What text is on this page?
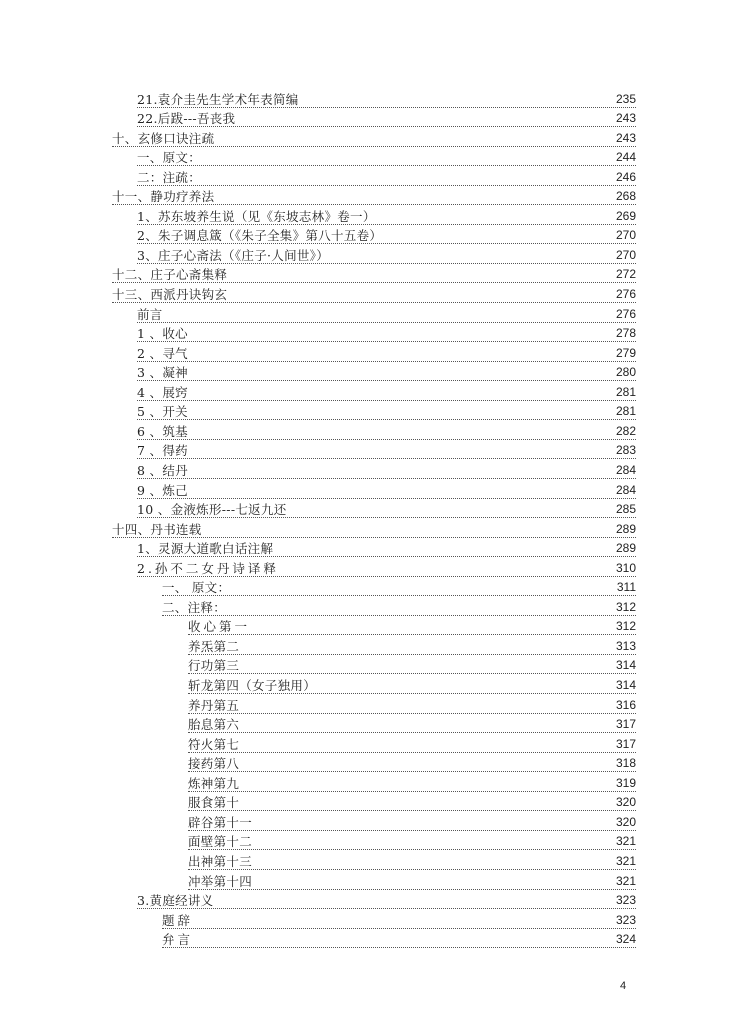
21.袁介圭先生学术年表简编	235
22.后跋---吾丧我	243
十、玄修口诀注疏	243
一、原文：	244
二：注疏：	246
十一、静功疗养法	268
1、苏东坡养生说（见《东坡志林》卷一）	269
2、朱子调息箴（《朱子全集》第八十五卷）	270
3、庄子心斋法（《庄子·人间世》）	270
十二、庄子心斋集释	272
十三、西派丹诀钩玄	276
前言	276
1 、收心	278
2 、寻气	279
3 、凝神	280
4 、展窍	281
5 、开关	281
6 、筑基	282
7 、得药	283
8 、结丹	284
9 、炼己	284
10 、金液炼形---七返九还	285
十四、丹书连载	289
1、灵源大道歌白话注解	289
2.孙不二女丹诗译释	310
一、 原文：	311
二、注释：	312
收心第一	312
养炁第二	313
行功第三	314
斩龙第四（女子独用）	314
养丹第五	316
胎息第六	317
符火第七	317
接药第八	318
炼神第九	319
服食第十	320
辟谷第十一	320
面壁第十二	321
出神第十三	321
冲举第十四	321
3.黄庭经讲义	323
题辞	323
弁言	324
4
